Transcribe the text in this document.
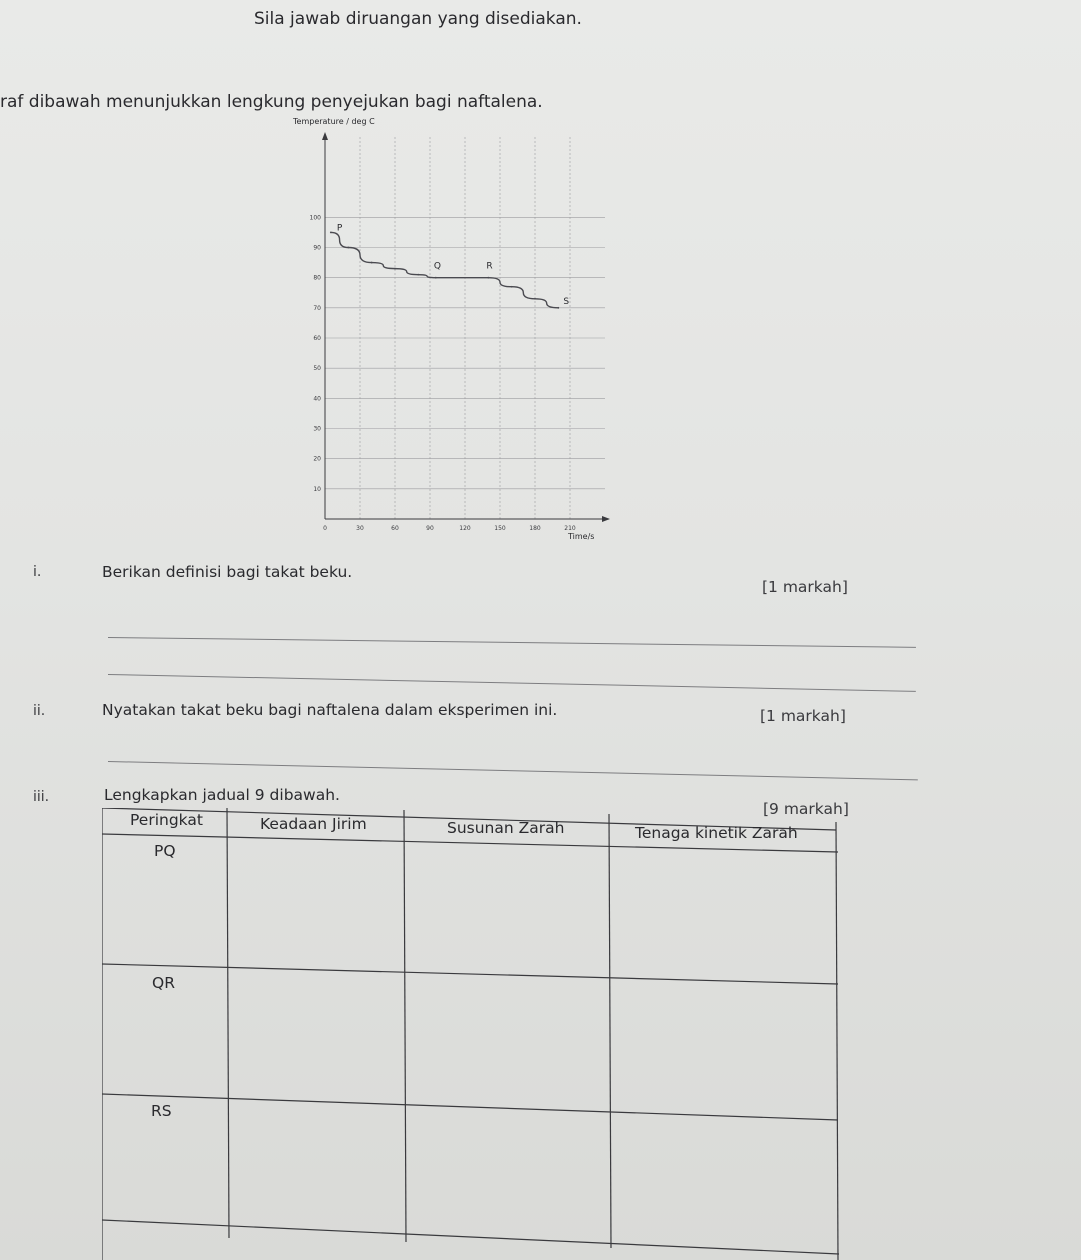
Sila jawab diruangan yang disediakan.
raf dibawah menunjukkan lengkung penyejukan bagi naftalena.
0	30	60	90	120	150	180	210
10
20
30
40
50
60
70
80
90
100
P
Q	R
S
Temperature / deg C
Time/s
i.	Berikan definisi bagi takat beku.
[1 markah]
ii.	Nyatakan takat beku bagi naftalena dalam eksperimen ini.	[1 markah]
iii.	Lengkapkan jadual 9 dibawah.
[9 markah]
Peringkat	Keadaan Jirim	Susunan Zarah	Tenaga kinetik Zarah
PQ
QR
RS
